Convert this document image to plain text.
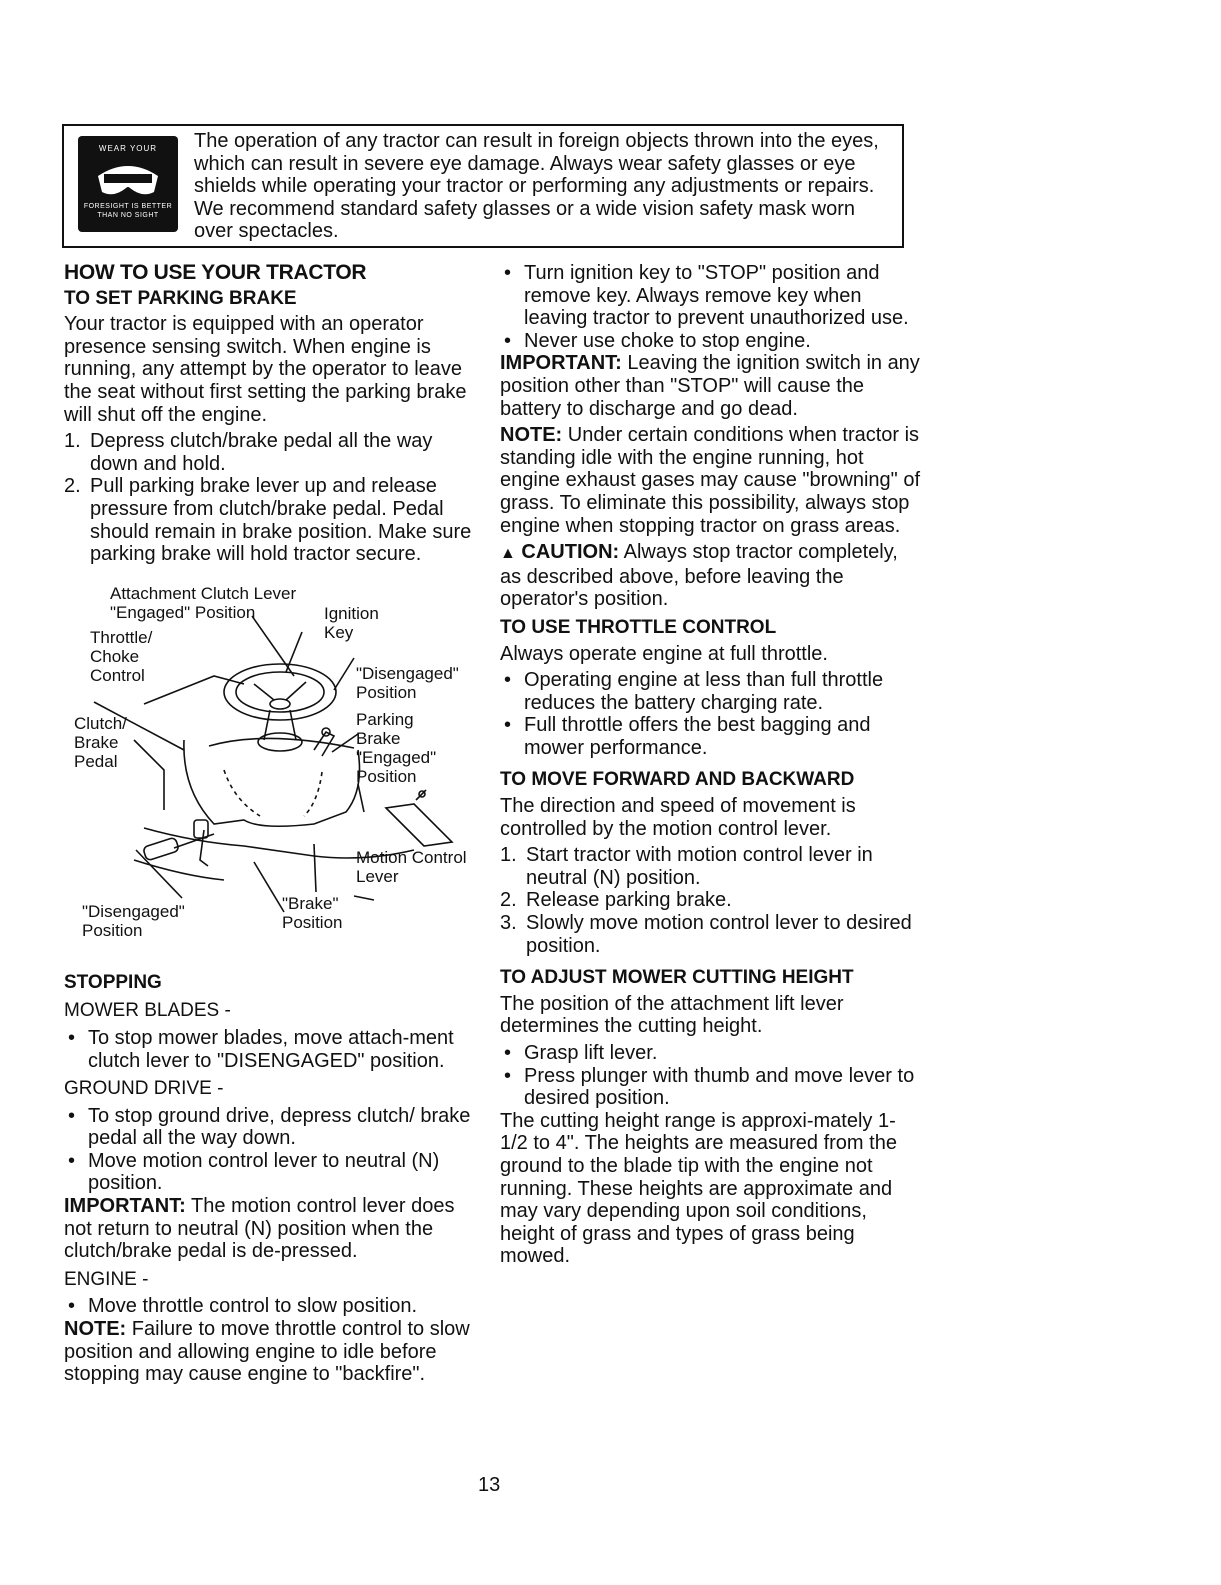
WEAR YOUR
FORESIGHT IS BETTER THAN NO SIGHT
The operation of any tractor can result in foreign objects thrown into the eyes, which can result in severe eye damage. Always wear safety glasses or eye shields while operating your tractor or performing any adjustments or repairs. We recommend standard safety glasses or a wide vision safety mask worn over spectacles.
HOW TO USE YOUR TRACTOR
TO SET PARKING BRAKE

Your tractor is equipped with an operator presence sensing switch. When engine is running, any attempt by the operator to leave the seat without first setting the parking brake will shut off the engine.

1. Depress clutch/brake pedal all the way down and hold.
2. Pull parking brake lever up and release pressure from clutch/brake pedal. Pedal should remain in brake position. Make sure parking brake will hold tractor secure.
Attachment Clutch Lever
"Engaged" Position	Ignition
Key
Throttle/
Choke
Control	"Disengaged"
Position
Clutch/
Brake
Pedal
Parking
Brake
"Engaged"
Position
Motion Control
Lever
"Disengaged"
Position
"Brake"
Position
STOPPING
MOWER BLADES -
• To stop mower blades, move attach-ment clutch lever to "DISENGAGED" position.
GROUND DRIVE -
• To stop ground drive, depress clutch/ brake pedal all the way down.
• Move motion control lever to neutral (N) position.

IMPORTANT: The motion control lever does not return to neutral (N) position when the clutch/brake pedal is de-pressed.

ENGINE -
• Move throttle control to slow position.

NOTE: Failure to move throttle control to slow position and allowing engine to idle before stopping may cause engine to "backfire".

• Turn ignition key to "STOP" position and remove key. Always remove key when leaving tractor to prevent unauthorized use.
• Never use choke to stop engine.

IMPORTANT: Leaving the ignition switch in any position other than "STOP" will cause the battery to discharge and go dead.

NOTE: Under certain conditions when tractor is standing idle with the engine running, hot engine exhaust gases may cause "browning" of grass. To eliminate this possibility, always stop engine when stopping tractor on grass areas.

▲ CAUTION: Always stop tractor completely, as described above, before leaving the operator's position.

TO USE THROTTLE CONTROL

Always operate engine at full throttle.

• Operating engine at less than full throttle reduces the battery charging rate.
• Full throttle offers the best bagging and mower performance.
TO MOVE FORWARD AND BACKWARD

The direction and speed of movement is controlled by the motion control lever.

1. Start tractor with motion control lever in neutral (N) position.
2. Release parking brake.
3. Slowly move motion control lever to desired position.
TO ADJUST MOWER CUTTING HEIGHT

The position of the attachment lift lever determines the cutting height.

• Grasp lift lever.
• Press plunger with thumb and move lever to desired position.

The cutting height range is approxi-mately 1-1/2 to 4". The heights are measured from the ground to the blade tip with the engine not running. These heights are approximate and may vary depending upon soil conditions, height of grass and types of grass being mowed.

13
